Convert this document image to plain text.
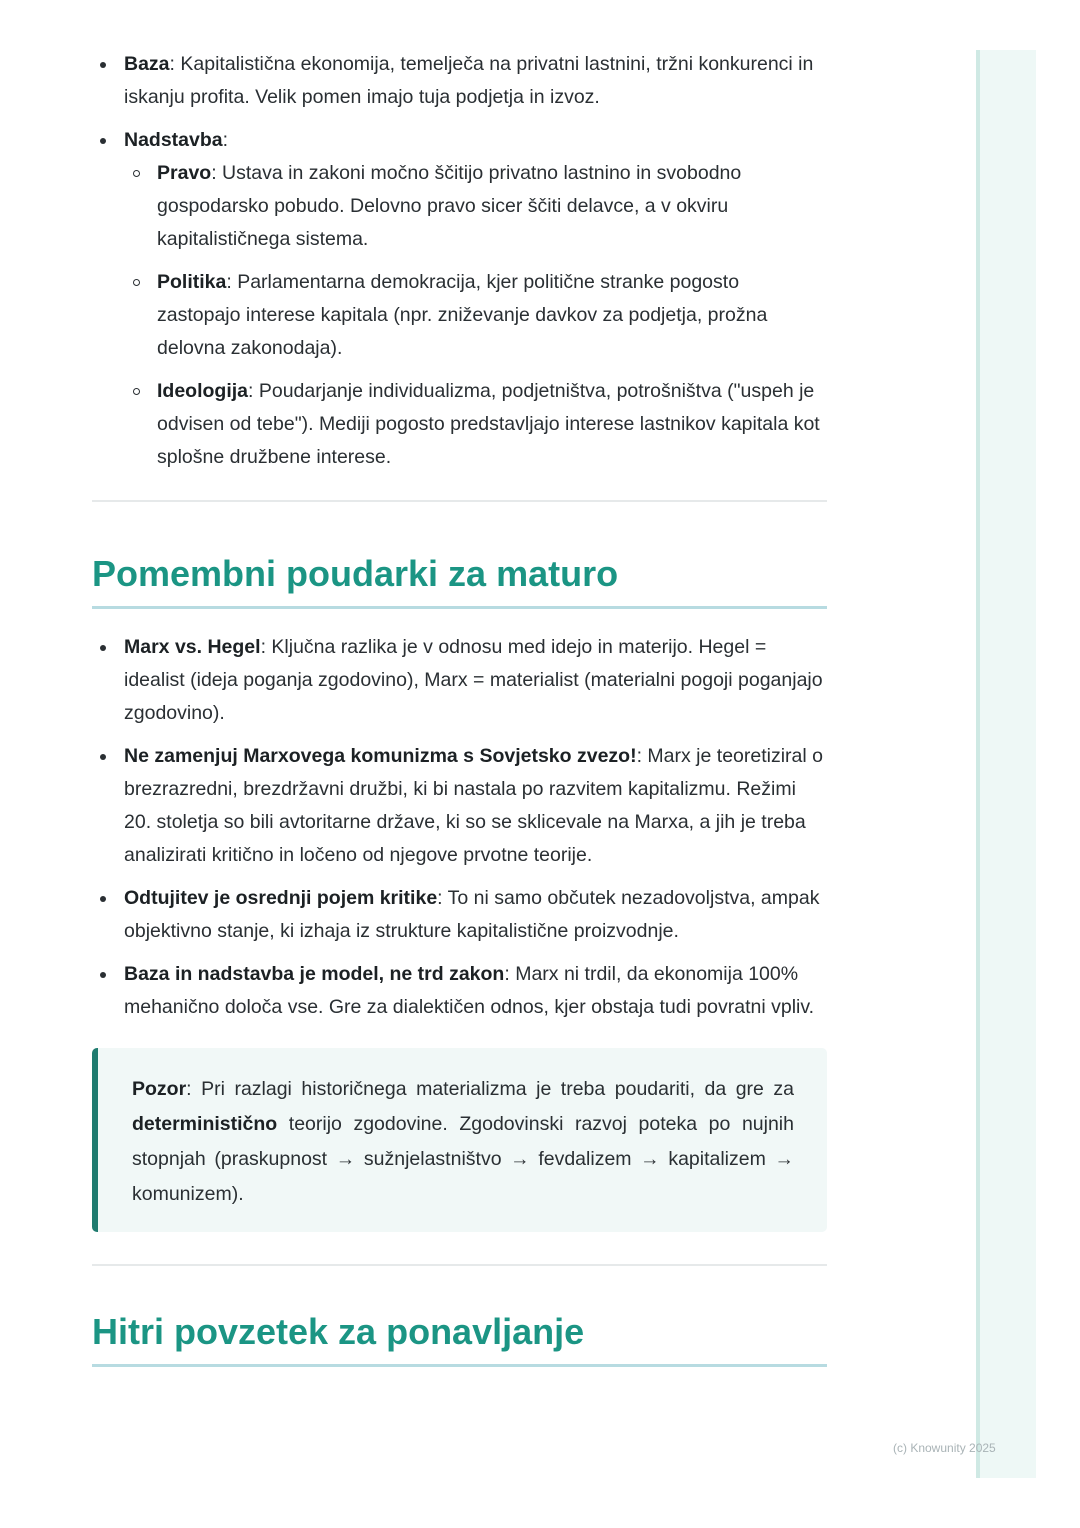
Baza: Kapitalistična ekonomija, temelječa na privatni lastnini, tržni konkurenci in iskanju profita. Velik pomen imajo tuja podjetja in izvoz.
Nadstavba:
Pravo: Ustava in zakoni močno ščitijo privatno lastnino in svobodno gospodarsko pobudo. Delovno pravo sicer ščiti delavce, a v okviru kapitalističnega sistema.
Politika: Parlamentarna demokracija, kjer politične stranke pogosto zastopajo interese kapitala (npr. zniževanje davkov za podjetja, prožna delovna zakonodaja).
Ideologija: Poudarjanje individualizma, podjetništva, potrošništva ("uspeh je odvisen od tebe"). Mediji pogosto predstavljajo interese lastnikov kapitala kot splošne družbene interese.
Pomembni poudarki za maturo
Marx vs. Hegel: Ključna razlika je v odnosu med idejo in materijo. Hegel = idealist (ideja poganja zgodovino), Marx = materialist (materialni pogoji poganjajo zgodovino).
Ne zamenjuj Marxovega komunizma s Sovjetsko zvezo!: Marx je teoretiziral o brezrazredni, brezdržavni družbi, ki bi nastala po razvitem kapitalizmu. Režimi 20. stoletja so bili avtoritarne države, ki so se sklicevale na Marxa, a jih je treba analizirati kritično in ločeno od njegove prvotne teorije.
Odtujitev je osrednji pojem kritike: To ni samo občutek nezadovoljstva, ampak objektivno stanje, ki izhaja iz strukture kapitalistične proizvodnje.
Baza in nadstavba je model, ne trd zakon: Marx ni trdil, da ekonomija 100% mehanično določa vse. Gre za dialektičen odnos, kjer obstaja tudi povratni vpliv.
Pozor: Pri razlagi historičnega materializma je treba poudariti, da gre za deterministično teorijo zgodovine. Zgodovinski razvoj poteka po nujnih stopnjah (praskupnost → sužnjelastništvo → fevdalizem → kapitalizem → komunizem).
Hitri povzetek za ponavljanje
(c) Knowunity 2025
